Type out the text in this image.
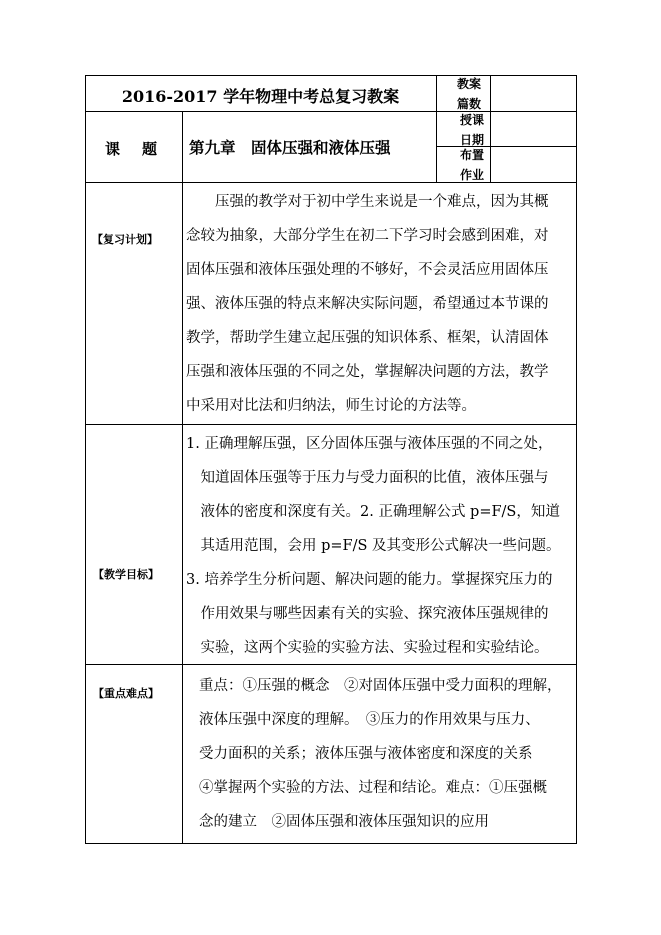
2016-2017 学年物理中考总复习教案
教案
篇数
课题 第九章　固体压强和液体压强
授课
日期
布置
作业
【复习计划】
　　压强的教学对于初中学生来说是一个难点，因为其概
念较为抽象，大部分学生在初二下学习时会感到困难，对
固体压强和液体压强处理的不够好，不会灵活应用固体压
强、液体压强的特点来解决实际问题，希望通过本节课的
教学，帮助学生建立起压强的知识体系、框架，认清固体
压强和液体压强的不同之处，掌握解决问题的方法，教学
中采用对比法和归纳法，师生讨论的方法等。
【教学目标】
1. 正确理解压强，区分固体压强与液体压强的不同之处，
　知道固体压强等于压力与受力面积的比值，液体压强与
　液体的密度和深度有关。2. 正确理解公式 p=F/S，知道
　其适用范围，会用 p=F/S 及其变形公式解决一些问题。
3. 培养学生分析问题、解决问题的能力。掌握探究压力的
　作用效果与哪些因素有关的实验、探究液体压强规律的
　实验，这两个实验的实验方法、实验过程和实验结论。
【重点难点】	重点：①压强的概念　②对固体压强中受力面积的理解，
液体压强中深度的理解。　③压力的作用效果与压力、
受力面积的关系；液体压强与液体密度和深度的关系
④掌握两个实验的方法、过程和结论。难点：①压强概
念的建立　②固体压强和液体压强知识的应用
